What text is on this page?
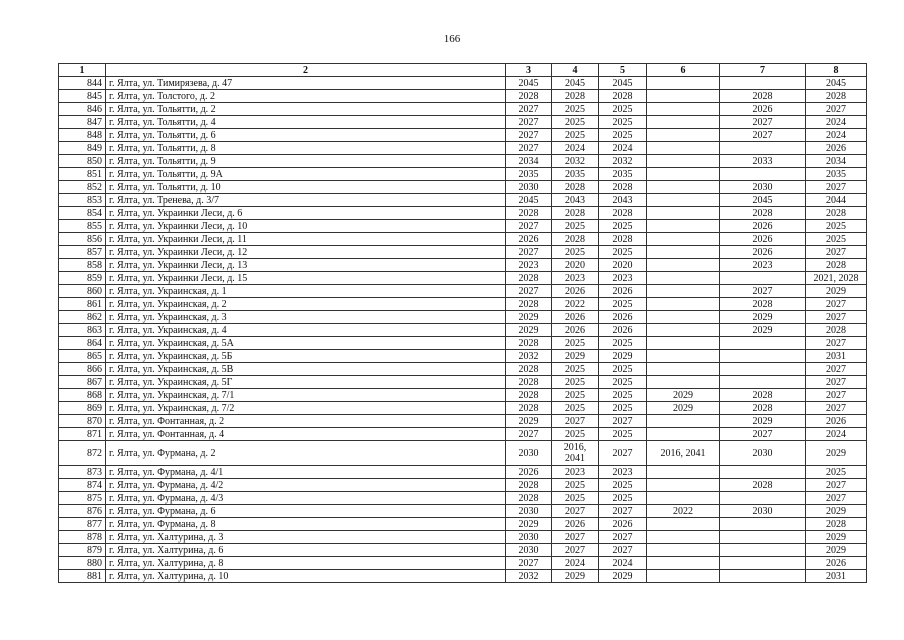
166
1	2	3	4	5	6	7	8
844	г. Ялта, ул. Тимирязева, д. 47	2045	2045	2045			2045
845	г. Ялта, ул. Толстого, д. 2	2028	2028	2028		2028	2028
846	г. Ялта, ул. Тольятти, д. 2	2027	2025	2025		2026	2027
847	г. Ялта, ул. Тольятти, д. 4	2027	2025	2025		2027	2024
848	г. Ялта, ул. Тольятти, д. 6	2027	2025	2025		2027	2024
849	г. Ялта, ул. Тольятти, д. 8	2027	2024	2024			2026
850	г. Ялта, ул. Тольятти, д. 9	2034	2032	2032		2033	2034
851	г. Ялта, ул. Тольятти, д. 9А	2035	2035	2035			2035
852	г. Ялта, ул. Тольятти, д. 10	2030	2028	2028		2030	2027
853	г. Ялта, ул. Тренева, д. 3/7	2045	2043	2043		2045	2044
854	г. Ялта, ул. Украинки Леси, д. 6	2028	2028	2028		2028	2028
855	г. Ялта, ул. Украинки Леси, д. 10	2027	2025	2025		2026	2025
856	г. Ялта, ул. Украинки Леси, д. 11	2026	2028	2028		2026	2025
857	г. Ялта, ул. Украинки Леси, д. 12	2027	2025	2025		2026	2027
858	г. Ялта, ул. Украинки Леси, д. 13	2023	2020	2020		2023	2028
859	г. Ялта, ул. Украинки Леси, д. 15	2028	2023	2023			2021, 2028
860	г. Ялта, ул. Украинская, д. 1	2027	2026	2026		2027	2029
861	г. Ялта, ул. Украинская, д. 2	2028	2022	2025		2028	2027
862	г. Ялта, ул. Украинская, д. 3	2029	2026	2026		2029	2027
863	г. Ялта, ул. Украинская, д. 4	2029	2026	2026		2029	2028
864	г. Ялта, ул. Украинская, д. 5А	2028	2025	2025			2027
865	г. Ялта, ул. Украинская, д. 5Б	2032	2029	2029			2031
866	г. Ялта, ул. Украинская, д. 5В	2028	2025	2025			2027
867	г. Ялта, ул. Украинская, д. 5Г	2028	2025	2025			2027
868	г. Ялта, ул. Украинская, д. 7/1	2028	2025	2025	2029	2028	2027
869	г. Ялта, ул. Украинская, д. 7/2	2028	2025	2025	2029	2028	2027
870	г. Ялта, ул. Фонтанная, д. 2	2029	2027	2027		2029	2026
871	г. Ялта, ул. Фонтанная, д. 4	2027	2025	2025		2027	2024
872	г. Ялта, ул. Фурмана, д. 2	2030	2016, 2041	2027	2016, 2041	2030	2029
873	г. Ялта, ул. Фурмана, д. 4/1	2026	2023	2023			2025
874	г. Ялта, ул. Фурмана, д. 4/2	2028	2025	2025		2028	2027
875	г. Ялта, ул. Фурмана, д. 4/3	2028	2025	2025			2027
876	г. Ялта, ул. Фурмана, д. 6	2030	2027	2027	2022	2030	2029
877	г. Ялта, ул. Фурмана, д. 8	2029	2026	2026			2028
878	г. Ялта, ул. Халтурина, д. 3	2030	2027	2027			2029
879	г. Ялта, ул. Халтурина, д. 6	2030	2027	2027			2029
880	г. Ялта, ул. Халтурина, д. 8	2027	2024	2024			2026
881	г. Ялта, ул. Халтурина, д. 10	2032	2029	2029			2031
